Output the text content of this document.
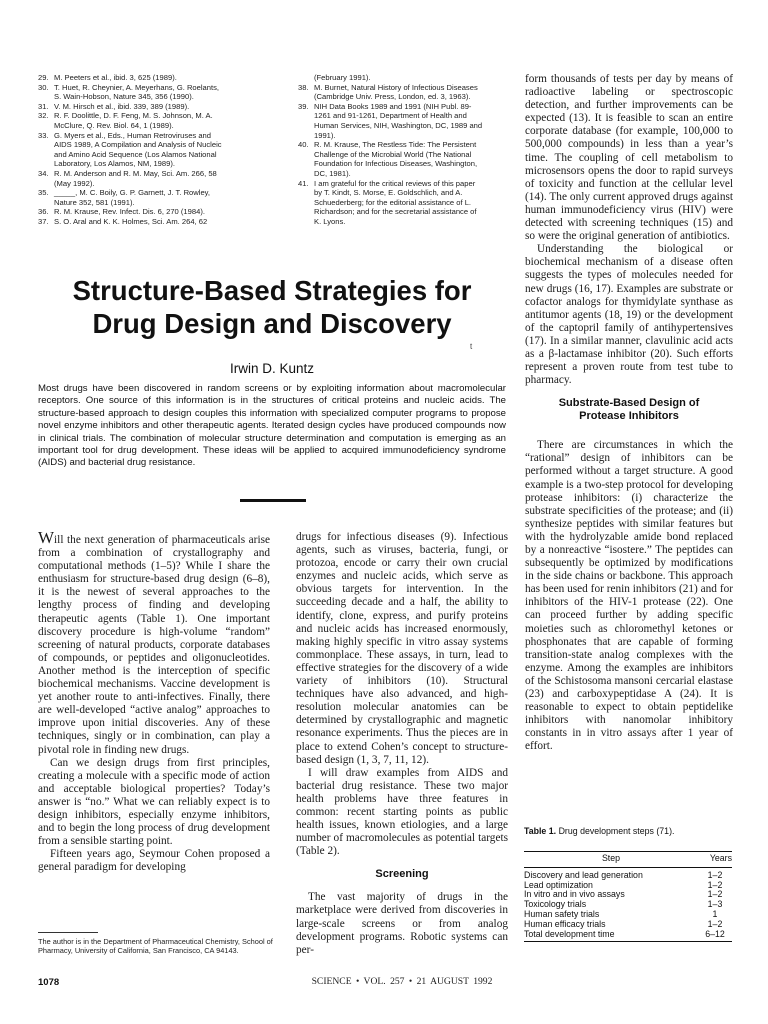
29. M. Peeters et al., ibid. 3, 625 (1989).
30. T. Huet, R. Cheynier, A. Meyerhans, G. Roelants,
S. Wain-Hobson, Nature 345, 356 (1990).
31. V. M. Hirsch et al., ibid. 339, 389 (1989).
32. R. F. Doolittle, D. F. Feng, M. S. Johnson, M. A.
McClure, Q. Rev. Biol. 64, 1 (1989).
33. G. Myers et al., Eds., Human Retroviruses and
AIDS 1989, A Compilation and Analysis of Nucleic
and Amino Acid Sequence (Los Alamos National
Laboratory, Los Alamos, NM, 1989).
34. R. M. Anderson and R. M. May, Sci. Am. 266, 58
(May 1992).
35. _____, M. C. Boily, G. P. Garnett, J. T. Rowley,
Nature 352, 581 (1991).
36. R. M. Krause, Rev. Infect. Dis. 6, 270 (1984).
37. S. O. Aral and K. K. Holmes, Sci. Am. 264, 62
(February 1991).
38. M. Burnet, Natural History of Infectious Diseases
(Cambridge Univ. Press, London, ed. 3, 1963).
39. NIH Data Books 1989 and 1991 (NIH Publ. 89-
1261 and 91-1261, Department of Health and
Human Services, NIH, Washington, DC, 1989 and
1991).
40. R. M. Krause, The Restless Tide: The Persistent
Challenge of the Microbial World (The National
Foundation for Infectious Diseases, Washington,
DC, 1981).
41. I am grateful for the critical reviews of this paper
by T. Kindt, S. Morse, E. Goldschlich, and A.
Schuederberg; for the editorial assistance of L.
Richardson; and for the secretarial assistance of
K. Lyons.
Structure-Based Strategies for
Drug Design and Discovery
t
Irwin D. Kuntz
Most drugs have been discovered in random screens or by exploiting information about macromolecular receptors. One source of this information is in the structures of critical proteins and nucleic acids. The structure-based approach to design couples this information with specialized computer programs to propose novel enzyme inhibitors and other therapeutic agents. Iterated design cycles have produced compounds now in clinical trials. The combination of molecular structure determination and computation is emerging as an important tool for drug development. These ideas will be applied to acquired immunodeficiency syndrome (AIDS) and bacterial drug resistance.

Will the next generation of pharmaceuticals arise from a combination of crystallography and computational methods (1–5)? While I share the enthusiasm for structure-based drug design (6–8), it is the newest of several approaches to the lengthy process of finding and developing therapeutic agents (Table 1). One important discovery procedure is high-volume “random” screening of natural products, corporate databases of compounds, or peptides and oligonucleotides. Another method is the interception of specific biochemical mechanisms. Vaccine development is yet another route to anti-infectives. Finally, there are well-developed “active analog” approaches to improve upon initial discoveries. Any of these techniques, singly or in combination, can play a pivotal role in finding new drugs.

Can we design drugs from first principles, creating a molecule with a specific mode of action and acceptable biological properties? Today’s answer is “no.” What we can reliably expect is to design inhibitors, especially enzyme inhibitors, and to begin the long process of drug development from a sensible starting point.

Fifteen years ago, Seymour Cohen proposed a general paradigm for developing

drugs for infectious diseases (9). Infectious agents, such as viruses, bacteria, fungi, or protozoa, encode or carry their own crucial enzymes and nucleic acids, which serve as obvious targets for intervention. In the succeeding decade and a half, the ability to identify, clone, express, and purify proteins and nucleic acids has increased enormously, making highly specific in vitro assay systems commonplace. These assays, in turn, lead to effective strategies for the discovery of a wide variety of inhibitors (10). Structural techniques have also advanced, and high-resolution molecular anatomies can be determined by crystallographic and magnetic resonance experiments. Thus the pieces are in place to extend Cohen’s concept to structure-based design (1, 3, 7, 11, 12).

I will draw examples from AIDS and bacterial drug resistance. These two major health problems have three features in common: recent starting points as public health issues, known etiologies, and a large number of macromolecules as potential targets (Table 2).

Screening

The vast majority of drugs in the marketplace were derived from discoveries in large-scale screens or from analog development programs. Robotic systems can per-

form thousands of tests per day by means of radioactive labeling or spectroscopic detection, and further improvements can be expected (13). It is feasible to scan an entire corporate database (for example, 100,000 to 500,000 compounds) in less than a year’s time. The coupling of cell metabolism to microsensors opens the door to rapid surveys of toxicity and function at the cellular level (14). The only current approved drugs against human immunodeficiency virus (HIV) were detected with screening techniques (15) and so were the original generation of antibiotics.

Understanding the biological or biochemical mechanism of a disease often suggests the types of molecules needed for new drugs (16, 17). Examples are substrate or cofactor analogs for thymidylate synthase as antitumor agents (18, 19) or the development of the captopril family of antihypertensives (17). In a similar manner, clavulinic acid acts as a β-lactamase inhibitor (20). Such efforts represent a proven route from test tube to pharmacy.

Substrate-Based Design of
Protease Inhibitors

There are circumstances in which the “rational” design of inhibitors can be performed without a target structure. A good example is a two-step protocol for developing protease inhibitors: (i) characterize the substrate specificities of the protease; and (ii) synthesize peptides with similar features but with the hydrolyzable amide bond replaced by a nonreactive “isostere.” The peptides can subsequently be optimized by modifications in the side chains or backbone. This approach has been used for renin inhibitors (21) and for inhibitors of the HIV-1 protease (22). One can proceed further by adding specific moieties such as chloromethyl ketones or phosphonates that are capable of forming transition-state analog complexes with the enzyme. Among the examples are inhibitors of the Schistosoma mansoni cercarial elastase (23) and carboxypeptidase A (24). It is reasonable to expect to obtain peptidelike inhibitors with nanomolar inhibitory constants in in vitro assays after 1 year of effort.

Table 1. Drug development steps (71).
Step	Years
Discovery and lead generation	1–2
Lead optimization	1–2
In vitro and in vivo assays	1–2
Toxicology trials	1–3
Human safety trials	1
Human efficacy trials	1–2
Total development time	6–12
The author is in the Department of Pharmaceutical Chemistry, School of Pharmacy, University of California, San Francisco, CA 94143.
1078	SCIENCE • VOL. 257 • 21 AUGUST 1992
